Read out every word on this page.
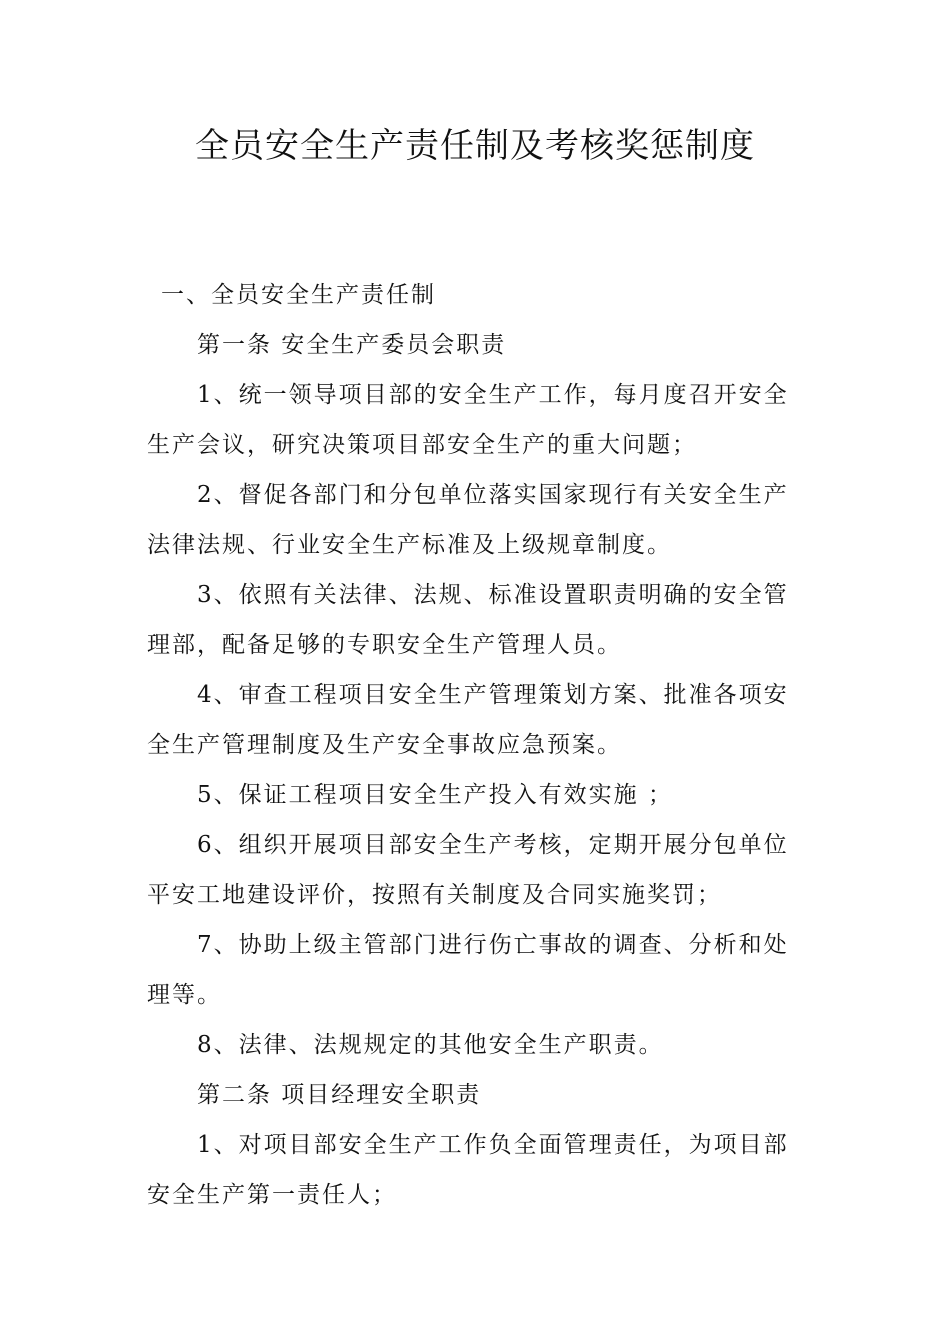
全员安全生产责任制及考核奖惩制度

一、全员安全生产责任制

第一条 安全生产委员会职责

1、统一领导项目部的安全生产工作，每月度召开安全

生产会议，研究决策项目部安全生产的重大问题；

2、督促各部门和分包单位落实国家现行有关安全生产

法律法规、行业安全生产标准及上级规章制度。

3、依照有关法律、法规、标准设置职责明确的安全管

理部，配备足够的专职安全生产管理人员。

4、审查工程项目安全生产管理策划方案、批准各项安

全生产管理制度及生产安全事故应急预案。

5、保证工程项目安全生产投入有效实施 ；

6、组织开展项目部安全生产考核，定期开展分包单位

平安工地建设评价，按照有关制度及合同实施奖罚；

7、协助上级主管部门进行伤亡事故的调查、分析和处

理等。

8、法律、法规规定的其他安全生产职责。

第二条 项目经理安全职责

1、对项目部安全生产工作负全面管理责任，为项目部

安全生产第一责任人；
